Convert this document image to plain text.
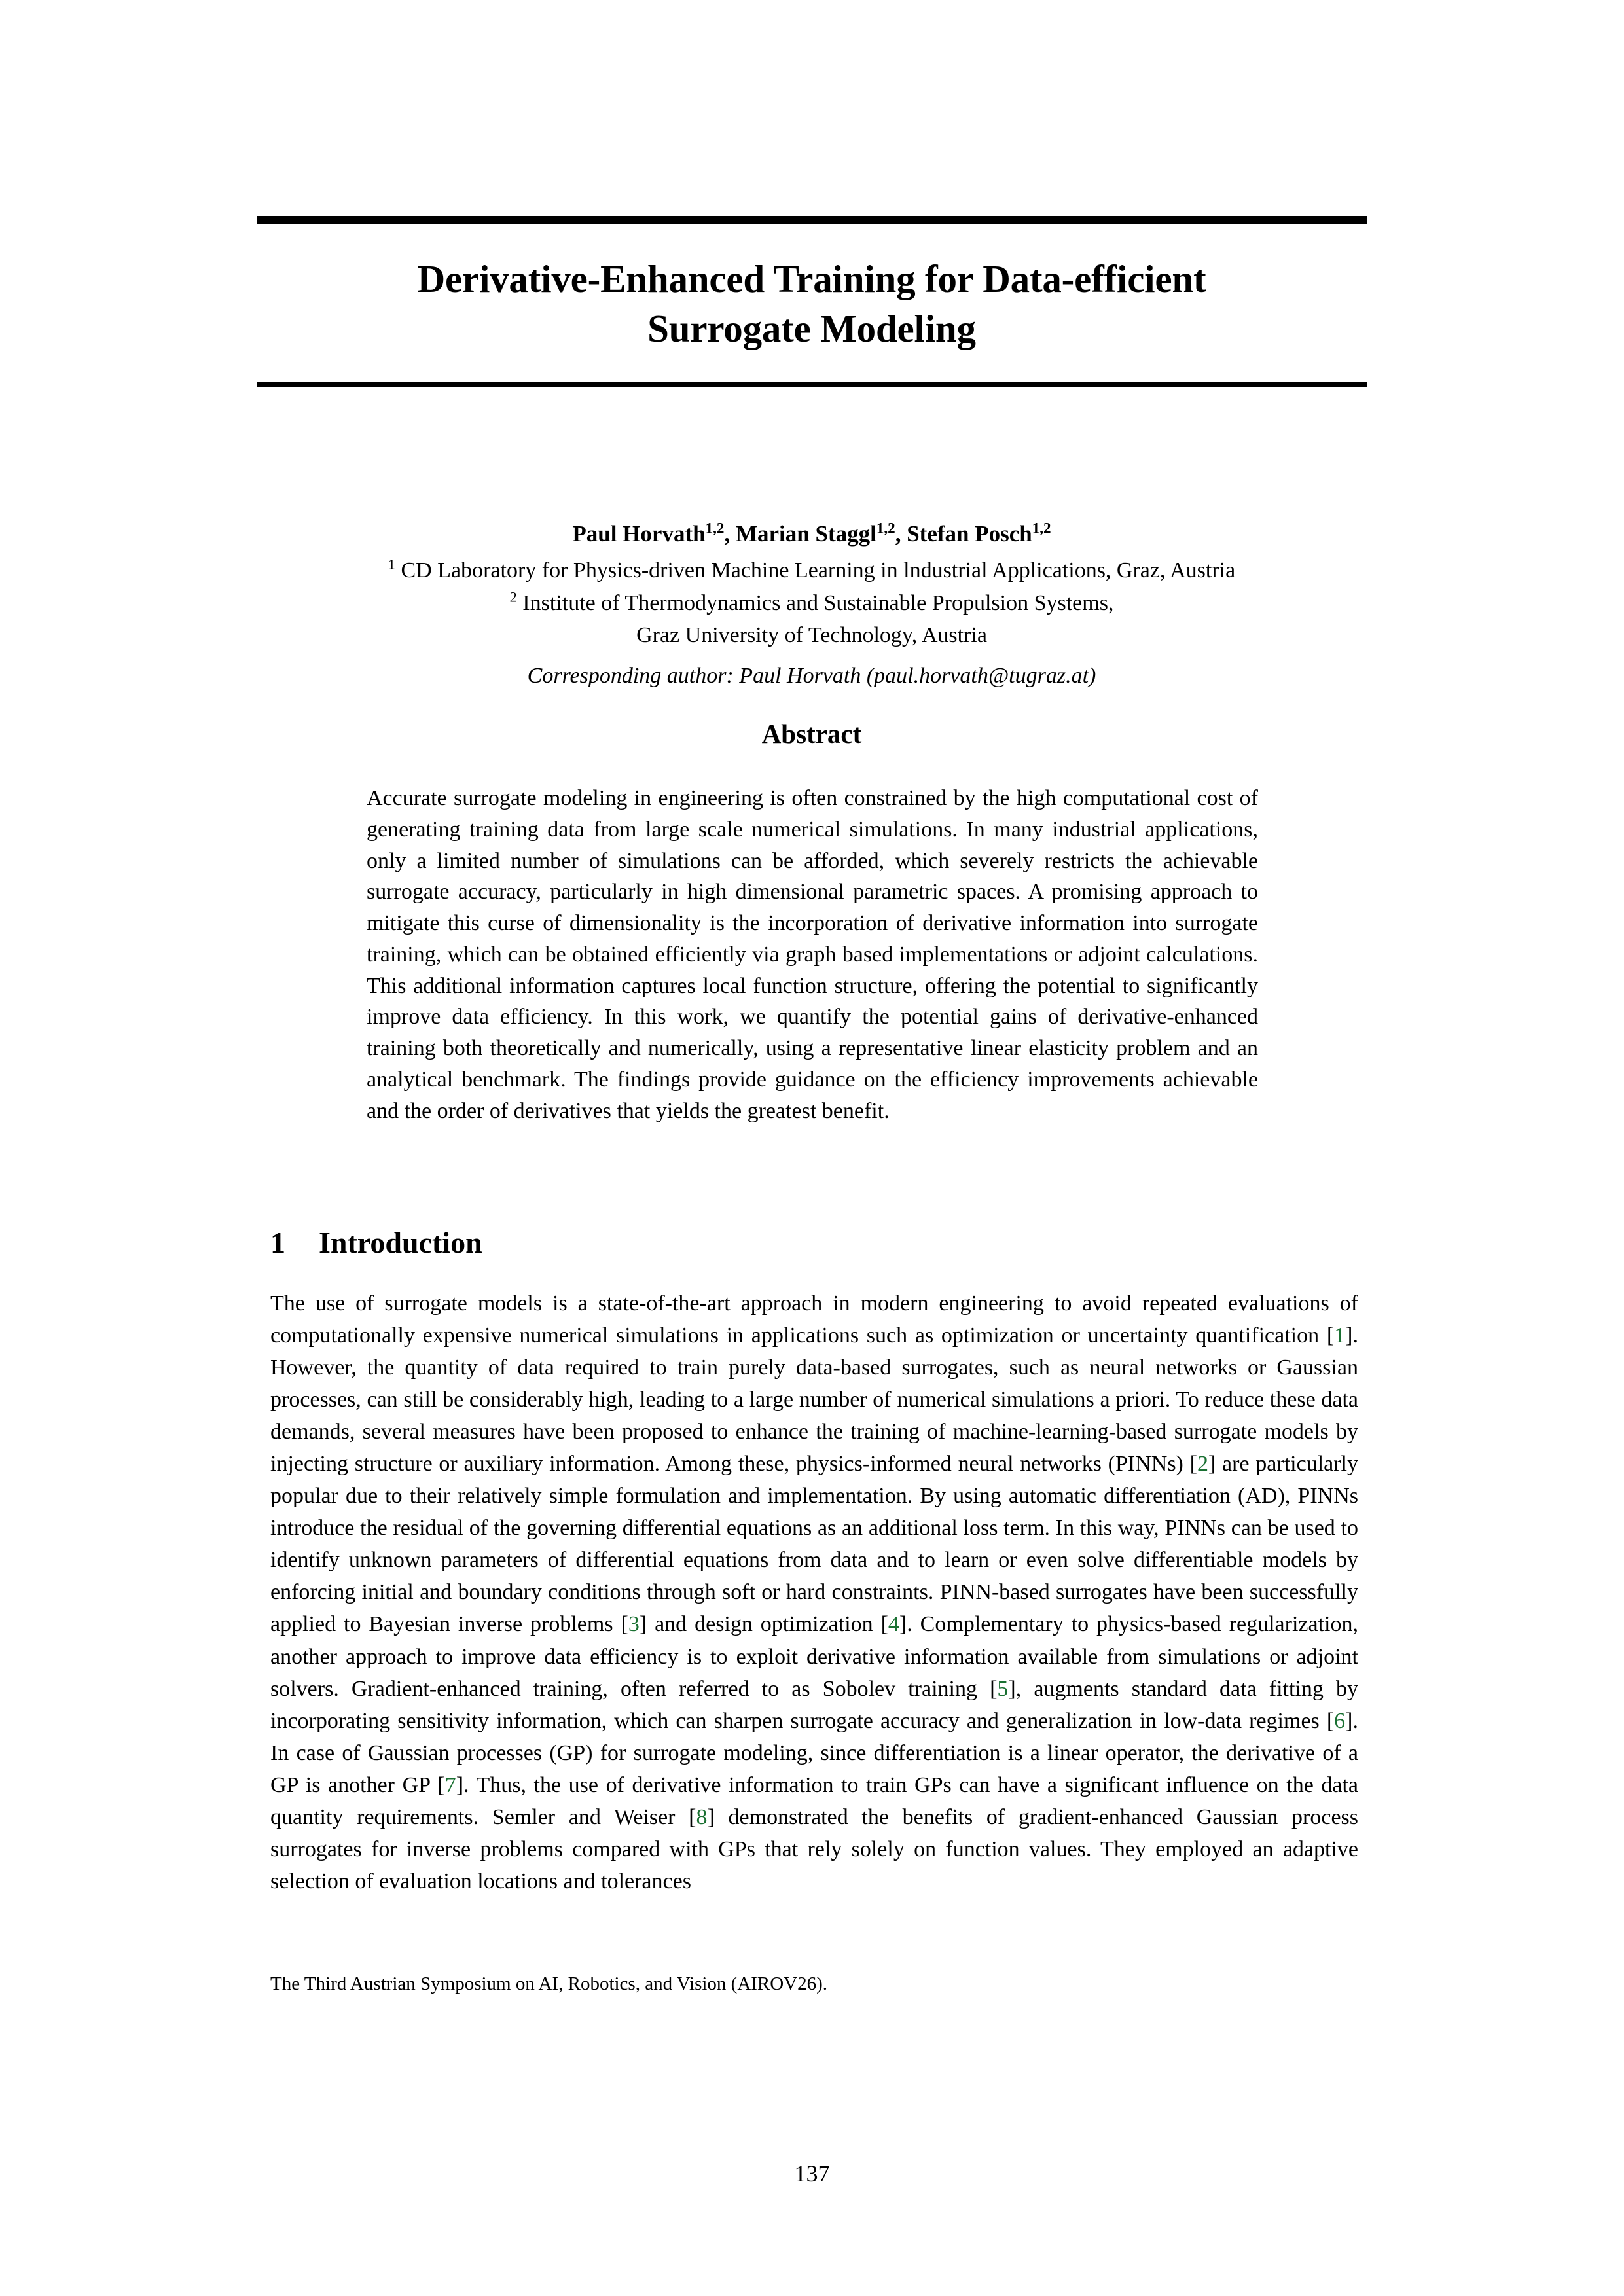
Derivative-Enhanced Training for Data-efficient
Surrogate Modeling
Paul Horvath$^{1,2}$, Marian Staggl$^{1,2}$, Stefan Posch$^{1,2}$
$^1$ CD Laboratory for Physics-driven Machine Learning in lndustrial Applications, Graz, Austria
$^2$ Institute of Thermodynamics and Sustainable Propulsion Systems,
Graz University of Technology, Austria
Corresponding author: Paul Horvath (paul.horvath@tugraz.at)
Abstract
Accurate surrogate modeling in engineering is often constrained by the high computational cost of generating training data from large scale numerical simulations. In many industrial applications, only a limited number of simulations can be afforded, which severely restricts the achievable surrogate accuracy, particularly in high dimensional parametric spaces. A promising approach to mitigate this curse of dimensionality is the incorporation of derivative information into surrogate training, which can be obtained efficiently via graph based implementations or adjoint calculations. This additional information captures local function structure, offering the potential to significantly improve data efficiency. In this work, we quantify the potential gains of derivative-enhanced training both theoretically and numerically, using a representative linear elasticity problem and an analytical benchmark. The findings provide guidance on the efficiency improvements achievable and the order of derivatives that yields the greatest benefit.
1 Introduction
The use of surrogate models is a state-of-the-art approach in modern engineering to avoid repeated evaluations of computationally expensive numerical simulations in applications such as optimization or uncertainty quantification [1]. However, the quantity of data required to train purely data-based surrogates, such as neural networks or Gaussian processes, can still be considerably high, leading to a large number of numerical simulations a priori. To reduce these data demands, several measures have been proposed to enhance the training of machine-learning-based surrogate models by injecting structure or auxiliary information. Among these, physics-informed neural networks (PINNs) [2] are particularly popular due to their relatively simple formulation and implementation. By using automatic differentiation (AD), PINNs introduce the residual of the governing differential equations as an additional loss term. In this way, PINNs can be used to identify unknown parameters of differential equations from data and to learn or even solve differentiable models by enforcing initial and boundary conditions through soft or hard constraints. PINN-based surrogates have been successfully applied to Bayesian inverse problems [3] and design optimization [4]. Complementary to physics-based regularization, another approach to improve data efficiency is to exploit derivative information available from simulations or adjoint solvers. Gradient-enhanced training, often referred to as Sobolev training [5], augments standard data fitting by incorporating sensitivity information, which can sharpen surrogate accuracy and generalization in low-data regimes [6]. In case of Gaussian processes (GP) for surrogate modeling, since differentiation is a linear operator, the derivative of a GP is another GP [7]. Thus, the use of derivative information to train GPs can have a significant influence on the data quantity requirements. Semler and Weiser [8] demonstrated the benefits of gradient-enhanced Gaussian process surrogates for inverse problems compared with GPs that rely solely on function values. They employed an adaptive selection of evaluation locations and tolerances
The Third Austrian Symposium on AI, Robotics, and Vision (AIROV26).
137
